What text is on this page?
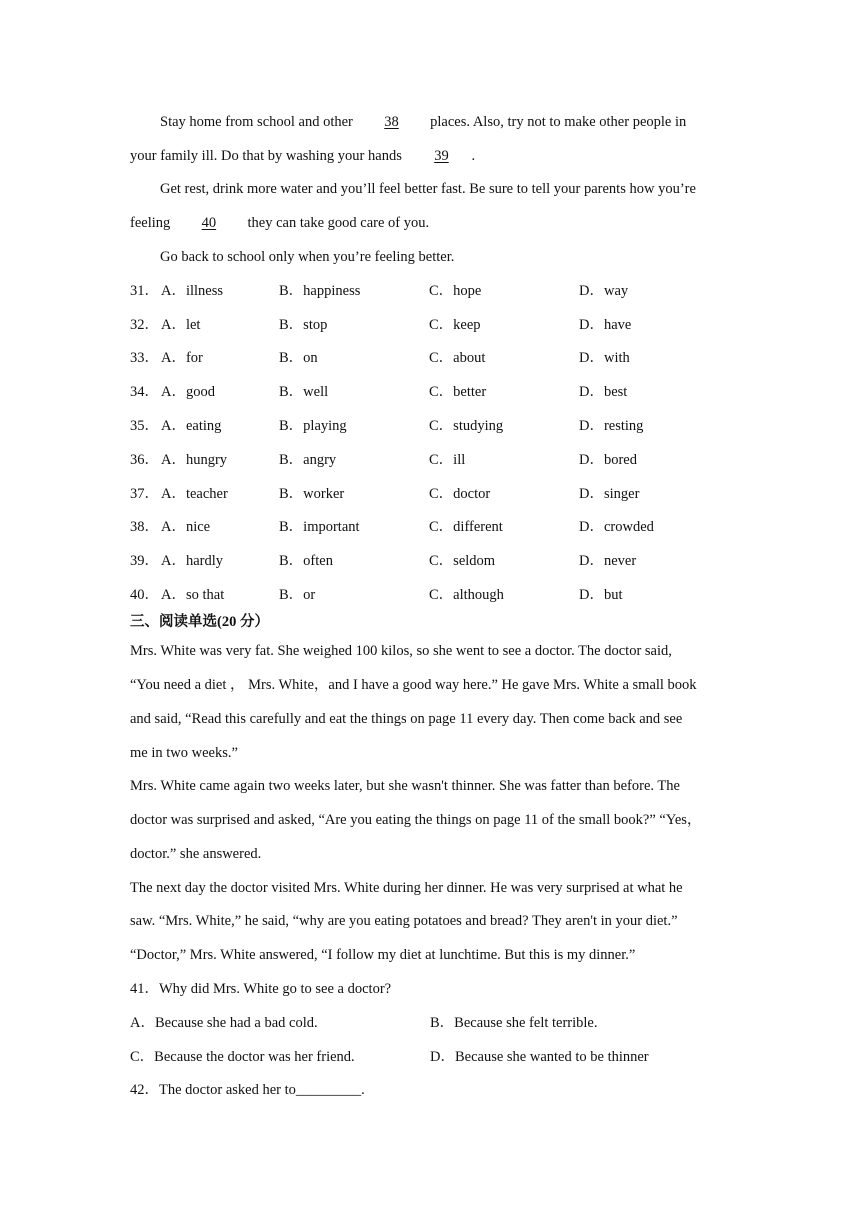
Stay home from school and other 38 places. Also, try not to make other people in
your family ill. Do that by washing your hands 39 .
Get rest, drink more water and you’ll feel better fast. Be sure to tell your parents how you’re
feeling 40 they can take good care of you.
Go back to school only when you’re feeling better.
31． A．illness	B．happiness	C．hope	D．way
32． A．let	B．stop	C．keep	D．have
33． A．for	B．on	C．about	D．with
34． A．good	B．well	C．better	D．best
35． A．eating	B．playing	C．studying	D．resting
36． A．hungry	B．angry	C．ill	D．bored
37． A．teacher	B．worker	C．doctor	D．singer
38． A．nice	B．important	C．different	D．crowded
39． A．hardly	B．often	C．seldom	D．never
40． A．so that	B．or	C．although	D．but
三、阅读单选(20 分）
Mrs. White was very fat. She weighed 100 kilos, so she went to see a doctor. The doctor said,
“You need a diet ， Mrs. White，and I have a good way here.” He gave Mrs. White a small book
and said, “Read this carefully and eat the things on page 11 every day. Then come back and see
me in two weeks.”
Mrs. White came again two weeks later, but she wasn't thinner. She was fatter than before. The
doctor was surprised and asked, “Are you eating the things on page 11 of the small book?” “Yes，
doctor.” she answered.
The next day the doctor visited Mrs. White during her dinner. He was very surprised at what he
saw. “Mrs. White,” he said, “why are you eating potatoes and bread? They aren't in your diet.”
“Doctor,” Mrs. White answered, “I follow my diet at lunchtime. But this is my dinner.”
41．Why did Mrs. White go to see a doctor?
A．Because she had a bad cold.	B．Because she felt terrible.
C．Because the doctor was her friend.	D．Because she wanted to be thinner
42．The doctor asked her to_________.
